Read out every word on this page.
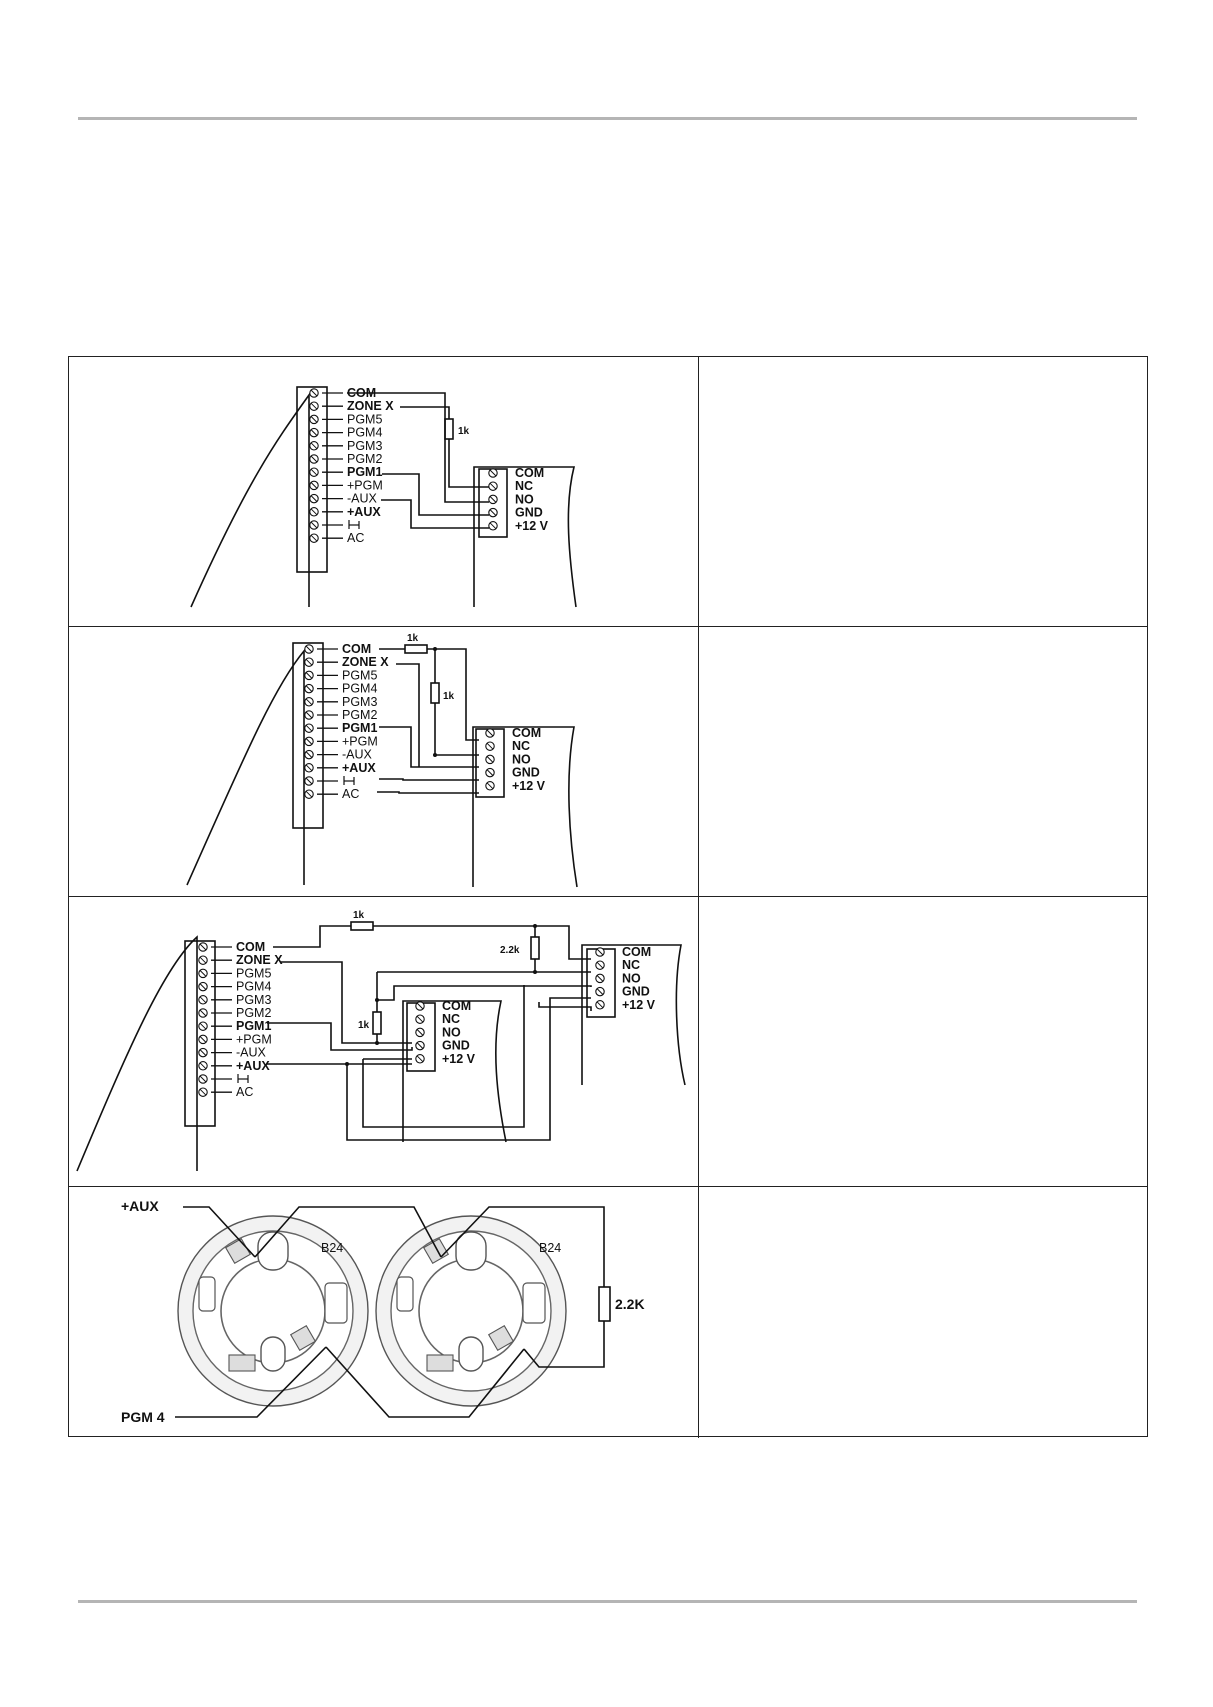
1k
COM
ZONE X
PGM5
PGM4
PGM3
PGM2
PGM1
+PGM
-AUX
+AUX
AC
COM
NC
NO
GND
+12 V
1k
1k
COM
ZONE X
PGM5
PGM4
PGM3
PGM2
PGM1
+PGM
-AUX
+AUX
AC
COM
NC
NO
GND
+12 V
1k
2.2k
1k
COM
ZONE X
PGM5
PGM4
PGM3
PGM2
PGM1
+PGM
-AUX
+AUX
AC
COM
NC
NO
GND
+12 V
COM
NC
NO
GND
+12 V
B24	B24
+AUX
2.2K
PGM 4
